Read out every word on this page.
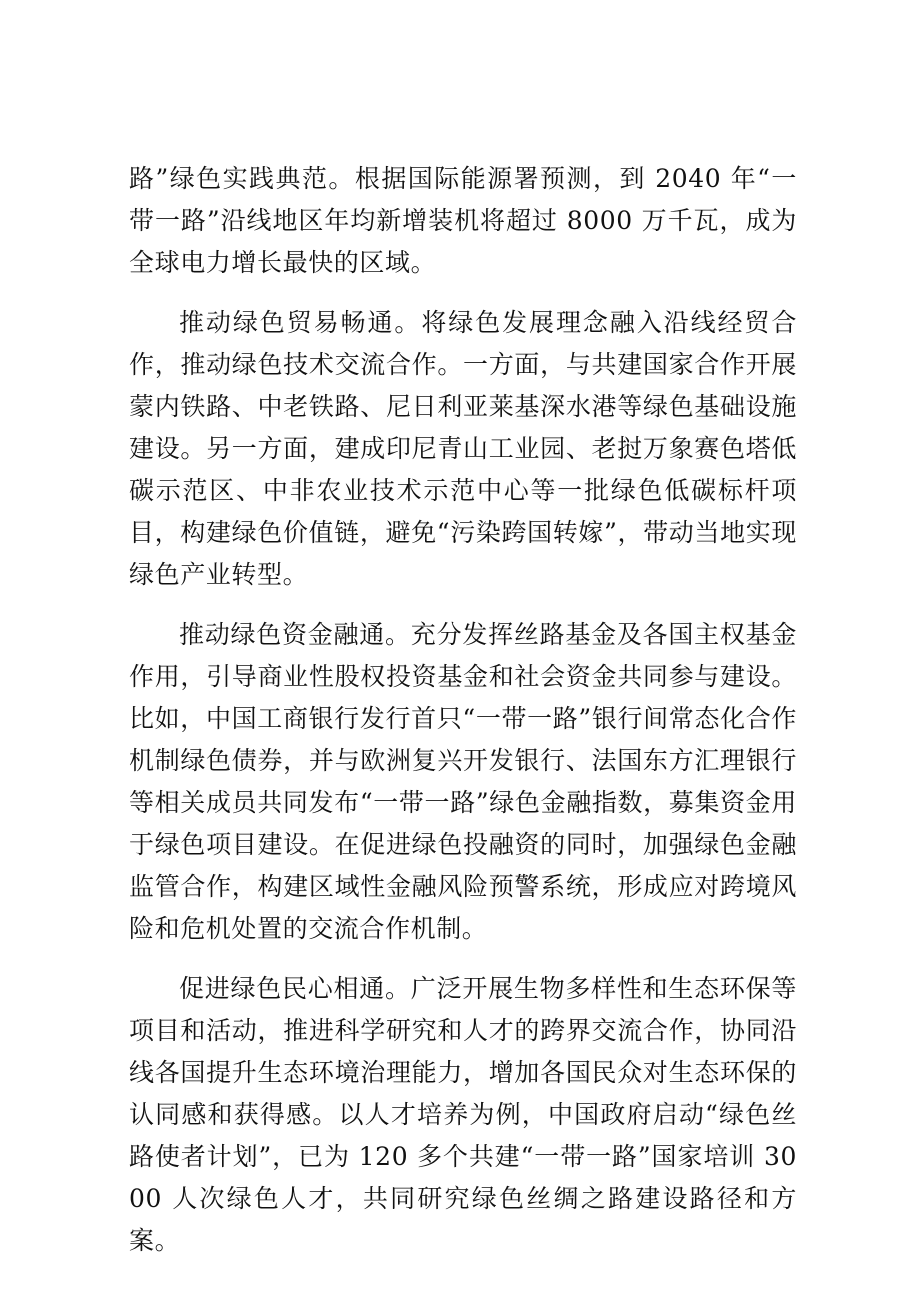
路”绿色实践典范。根据国际能源署预测，到 2040 年“一带一路”沿线地区年均新增装机将超过 8000 万千瓦，成为全球电力增长最快的区域。

推动绿色贸易畅通。将绿色发展理念融入沿线经贸合作，推动绿色技术交流合作。一方面，与共建国家合作开展蒙内铁路、中老铁路、尼日利亚莱基深水港等绿色基础设施建设。另一方面，建成印尼青山工业园、老挝万象赛色塔低碳示范区、中非农业技术示范中心等一批绿色低碳标杆项目，构建绿色价值链，避免“污染跨国转嫁”，带动当地实现绿色产业转型。

推动绿色资金融通。充分发挥丝路基金及各国主权基金作用，引导商业性股权投资基金和社会资金共同参与建设。比如，中国工商银行发行首只“一带一路”银行间常态化合作机制绿色债券，并与欧洲复兴开发银行、法国东方汇理银行等相关成员共同发布“一带一路”绿色金融指数，募集资金用于绿色项目建设。在促进绿色投融资的同时，加强绿色金融监管合作，构建区域性金融风险预警系统，形成应对跨境风险和危机处置的交流合作机制。

促进绿色民心相通。广泛开展生物多样性和生态环保等项目和活动，推进科学研究和人才的跨界交流合作，协同沿线各国提升生态环境治理能力，增加各国民众对生态环保的认同感和获得感。以人才培养为例，中国政府启动“绿色丝路使者计划”，已为 120 多个共建“一带一路”国家培训 3000 人次绿色人才，共同研究绿色丝绸之路建设路径和方案。
